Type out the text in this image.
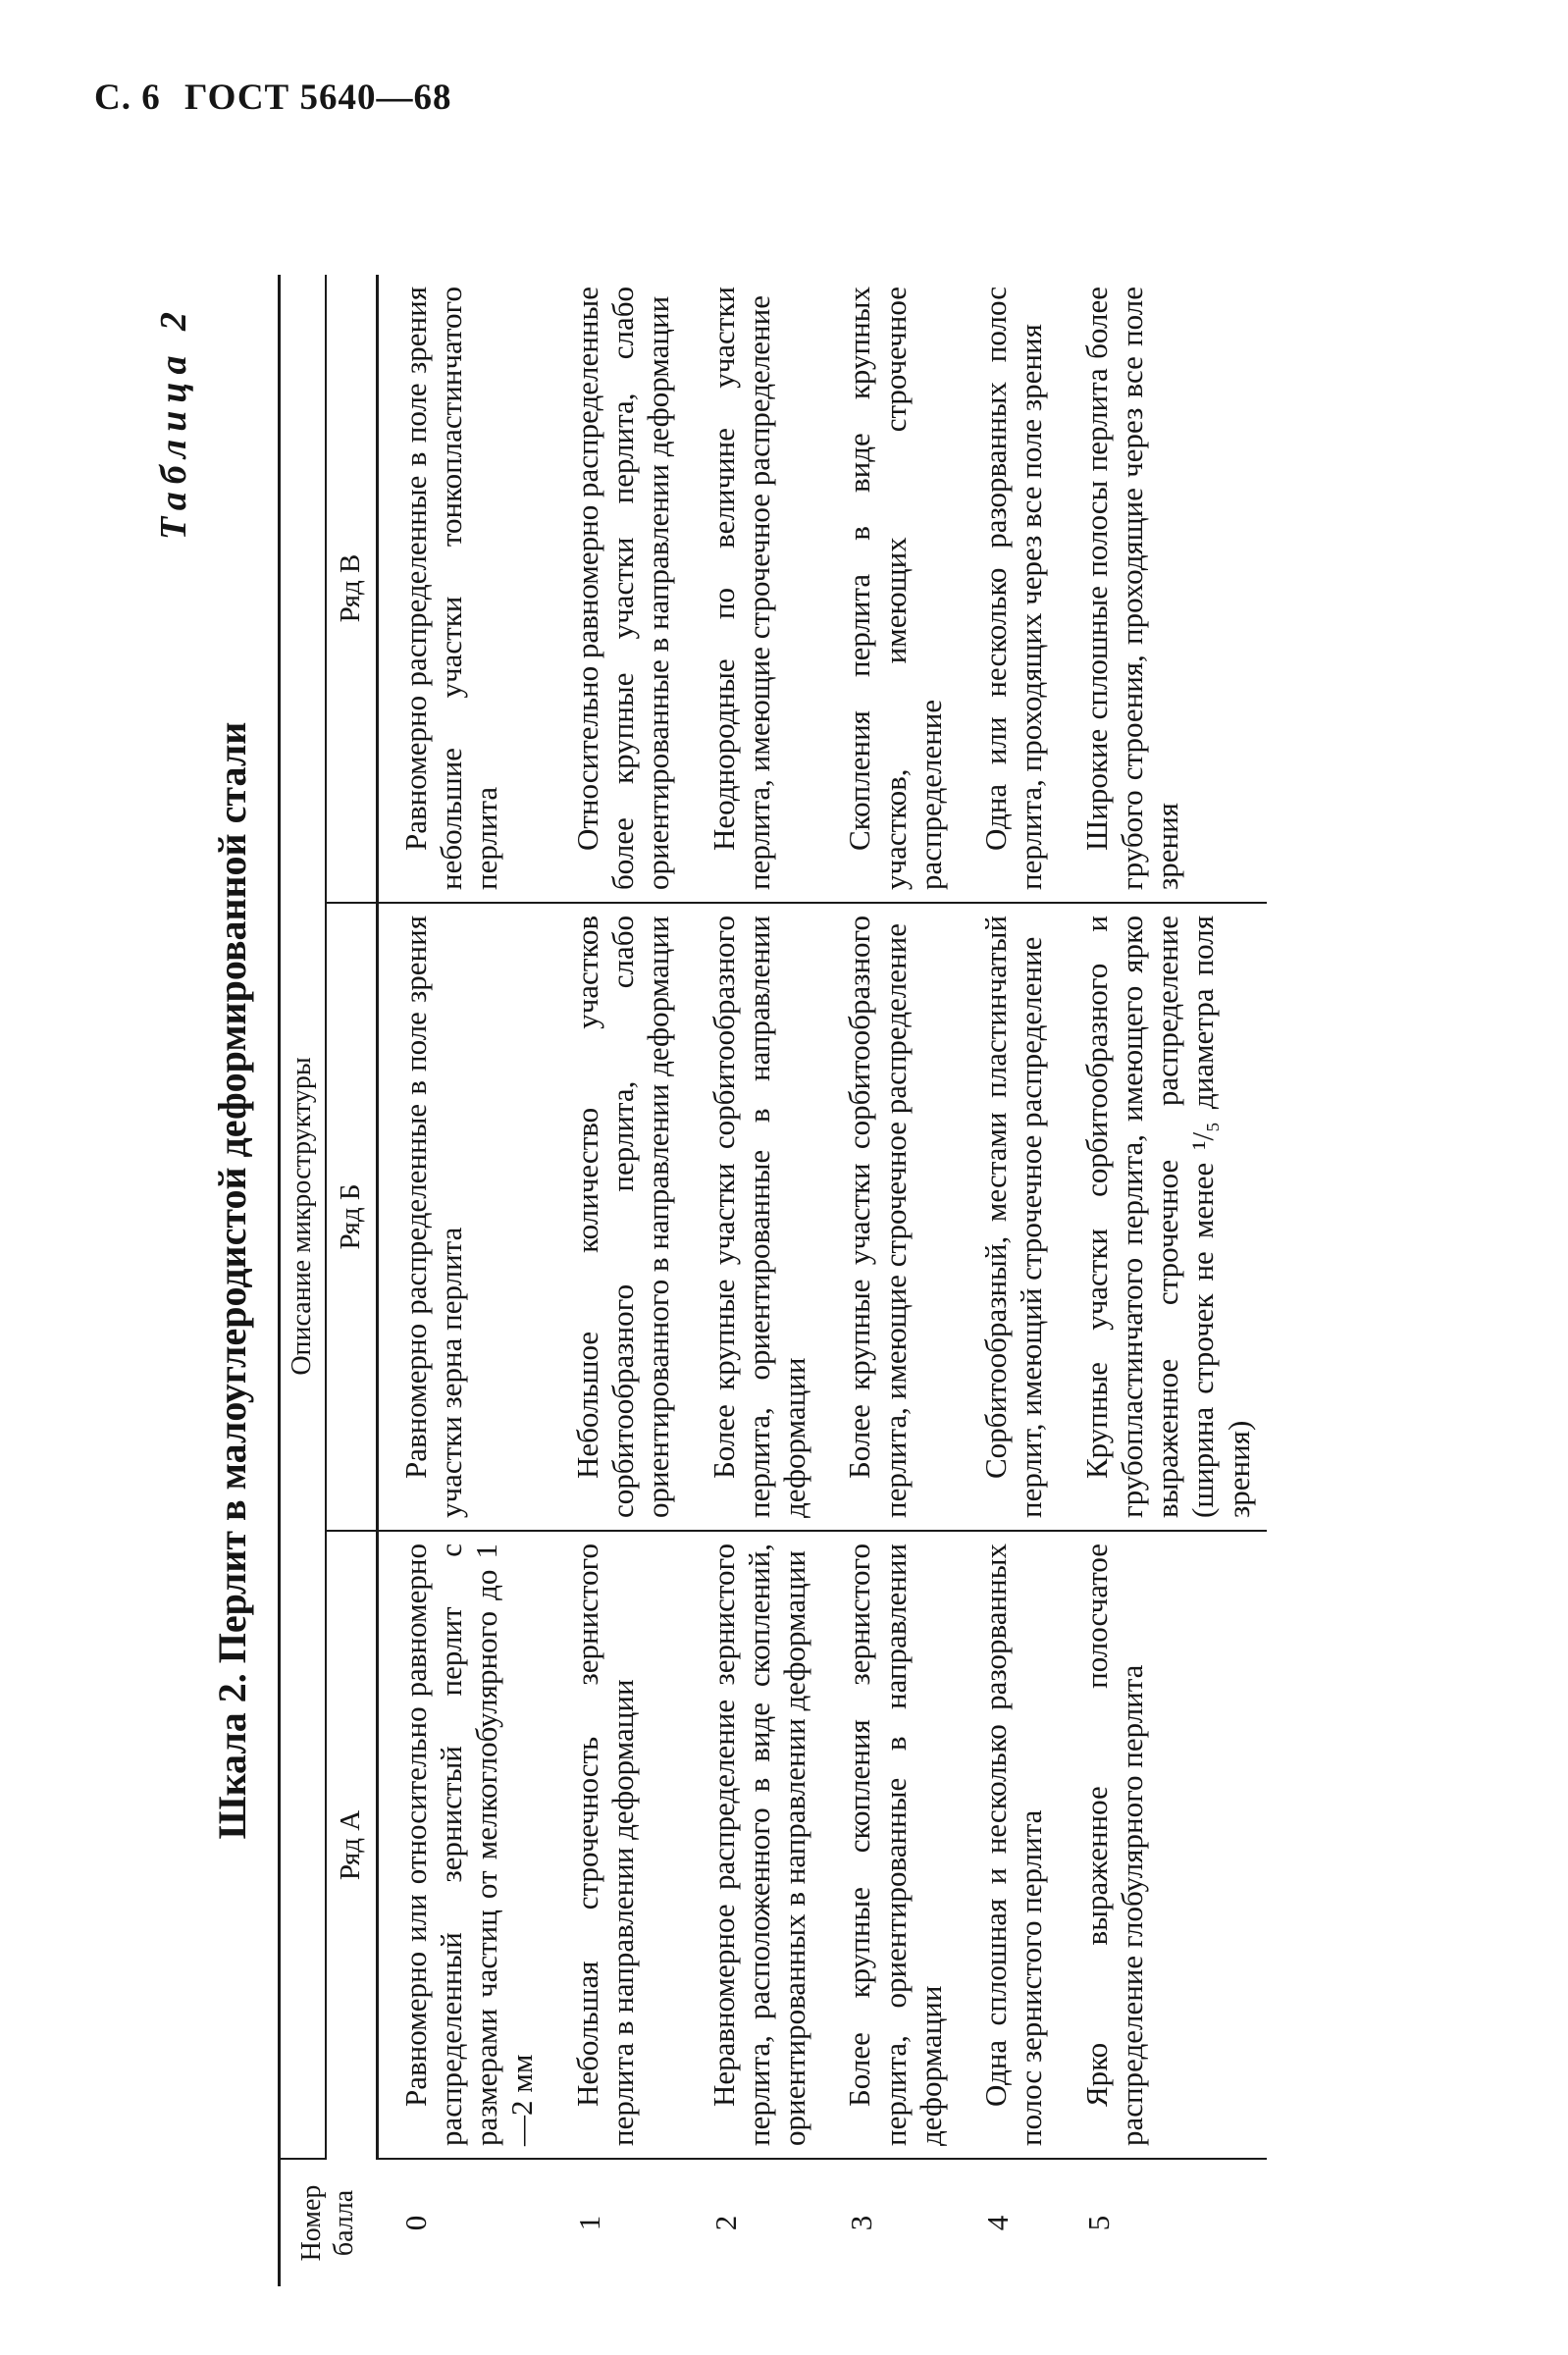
С. 6 ГОСТ 5640—68
Таблица 2
Шкала 2. Перлит в малоуглеродистой деформированной стали
Номер балла	Описание микроструктуры		
	Ряд А	Ряд Б	Ряд В
0	Равномерно или относительно равномерно распределенный зернистый перлит с размерами частиц от мелкоглобулярного до 1—2 мм	Равномерно распределенные в поле зрения участки зерна перлита	Равномерно распределенные в поле зрения небольшие участки тонкопластинчатого перлита
1	Небольшая строчечность зернистого перлита в направлении деформации	Небольшое количество участков сорбитообразного перлита, слабо ориентированного в направлении деформации	Относительно равномерно распределенные более крупные участки перлита, слабо ориентированные в направлении деформации
2	Неравномерное распределение зернистого перлита, расположенного в виде скоплений, ориентированных в направлении деформации	Более крупные участки сорбитообразного перлита, ориентированные в направлении деформации	Неоднородные по величине участки перлита, имеющие строчечное распределение
3	Более крупные скопления зернистого перлита, ориентированные в направлении деформации	Более крупные участки сорбитообразного перлита, имеющие строчечное распределение	Скопления перлита в виде крупных участков, имеющих строчечное распределение
4	Одна сплошная и несколько разорванных полос зернистого перлита	Сорбитообразный, местами пластинчатый перлит, имеющий строчечное распределение	Одна или несколько разорванных полос перлита, проходящих через все поле зрения
5	Ярко выраженное полосчатое распределение глобулярного перлита	Крупные участки сорбитообразного и грубопластинчатого перлита, имеющего ярко выраженное строчечное распределение (ширина строчек не менее ¹/₅ диаметра поля зрения)	Широкие сплошные полосы перлита более грубого строения, проходящие через все поле зрения
